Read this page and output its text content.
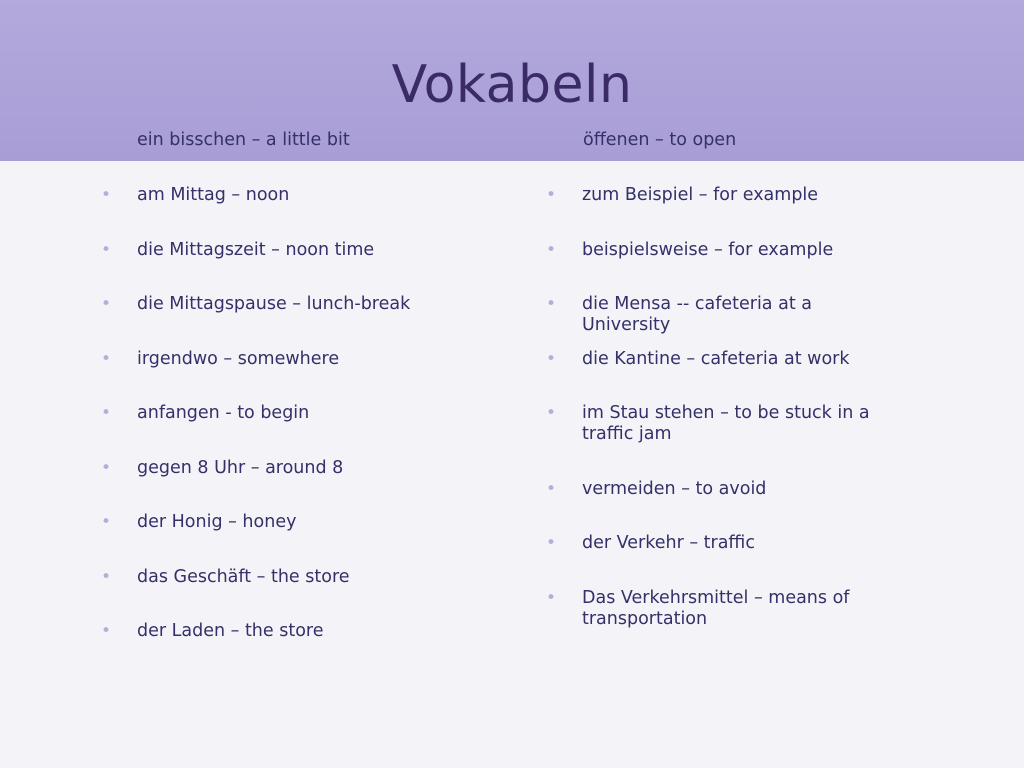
Vokabeln
ein bisschen – a little bit	öffenen – to open
• am Mittag – noon
• die Mittagszeit – noon time
• die Mittagspause – lunch-break
• irgendwo – somewhere
• anfangen - to begin
• gegen 8 Uhr – around 8
• der Honig – honey
• das Geschäft – the store
• der Laden – the store
• zum Beispiel – for example
• beispielsweise – for example
• die Mensa -- cafeteria at a University
• die Kantine – cafeteria at work
• im Stau stehen – to be stuck in a traffic jam
• vermeiden – to avoid
• der Verkehr – traffic
• Das Verkehrsmittel – means of transportation
